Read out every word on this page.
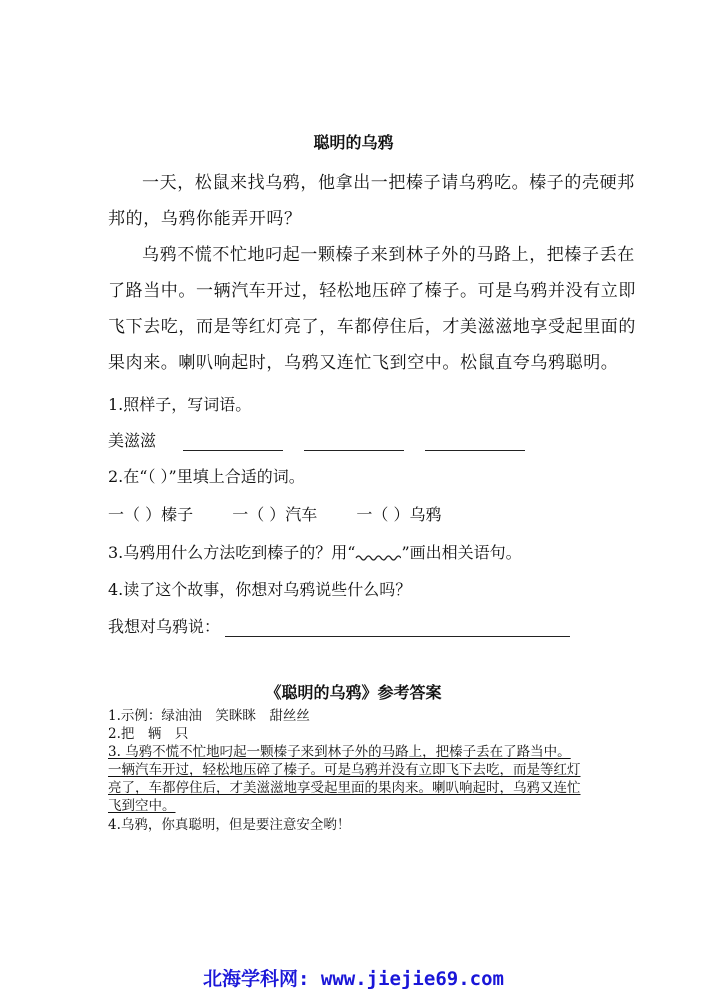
聪明的乌鸦
一天，松鼠来找乌鸦，他拿出一把榛子请乌鸦吃。榛子的壳硬邦
邦的，乌鸦你能弄开吗？
乌鸦不慌不忙地叼起一颗榛子来到林子外的马路上，把榛子丢在
了路当中。一辆汽车开过，轻松地压碎了榛子。可是乌鸦并没有立即
飞下去吃，而是等红灯亮了，车都停住后，才美滋滋地享受起里面的
果肉来。喇叭响起时，乌鸦又连忙飞到空中。松鼠直夸乌鸦聪明。
1.照样子，写词语。
美滋滋
2.在“（ ）”里填上合适的词。
一（ ）榛子 一（ ）汽车 一（ ）乌鸦
3.乌鸦用什么方法吃到榛子的？用“	”画出相关语句。
4.读了这个故事，你想对乌鸦说些什么吗？
我想对乌鸦说：
《聪明的乌鸦》参考答案
1.示例：绿油油　笑眯眯　甜丝丝
2.把　辆　只
3. 乌鸦不慌不忙地叼起一颗榛子来到林子外的马路上，把榛子丢在了路当中。
一辆汽车开过，轻松地压碎了榛子。可是乌鸦并没有立即飞下去吃，而是等红灯
亮了，车都停住后，才美滋滋地享受起里面的果肉来。喇叭响起时，乌鸦又连忙
飞到空中。
4.乌鸦，你真聪明，但是要注意安全哟！
北海学科网: www.jiejie69.com
